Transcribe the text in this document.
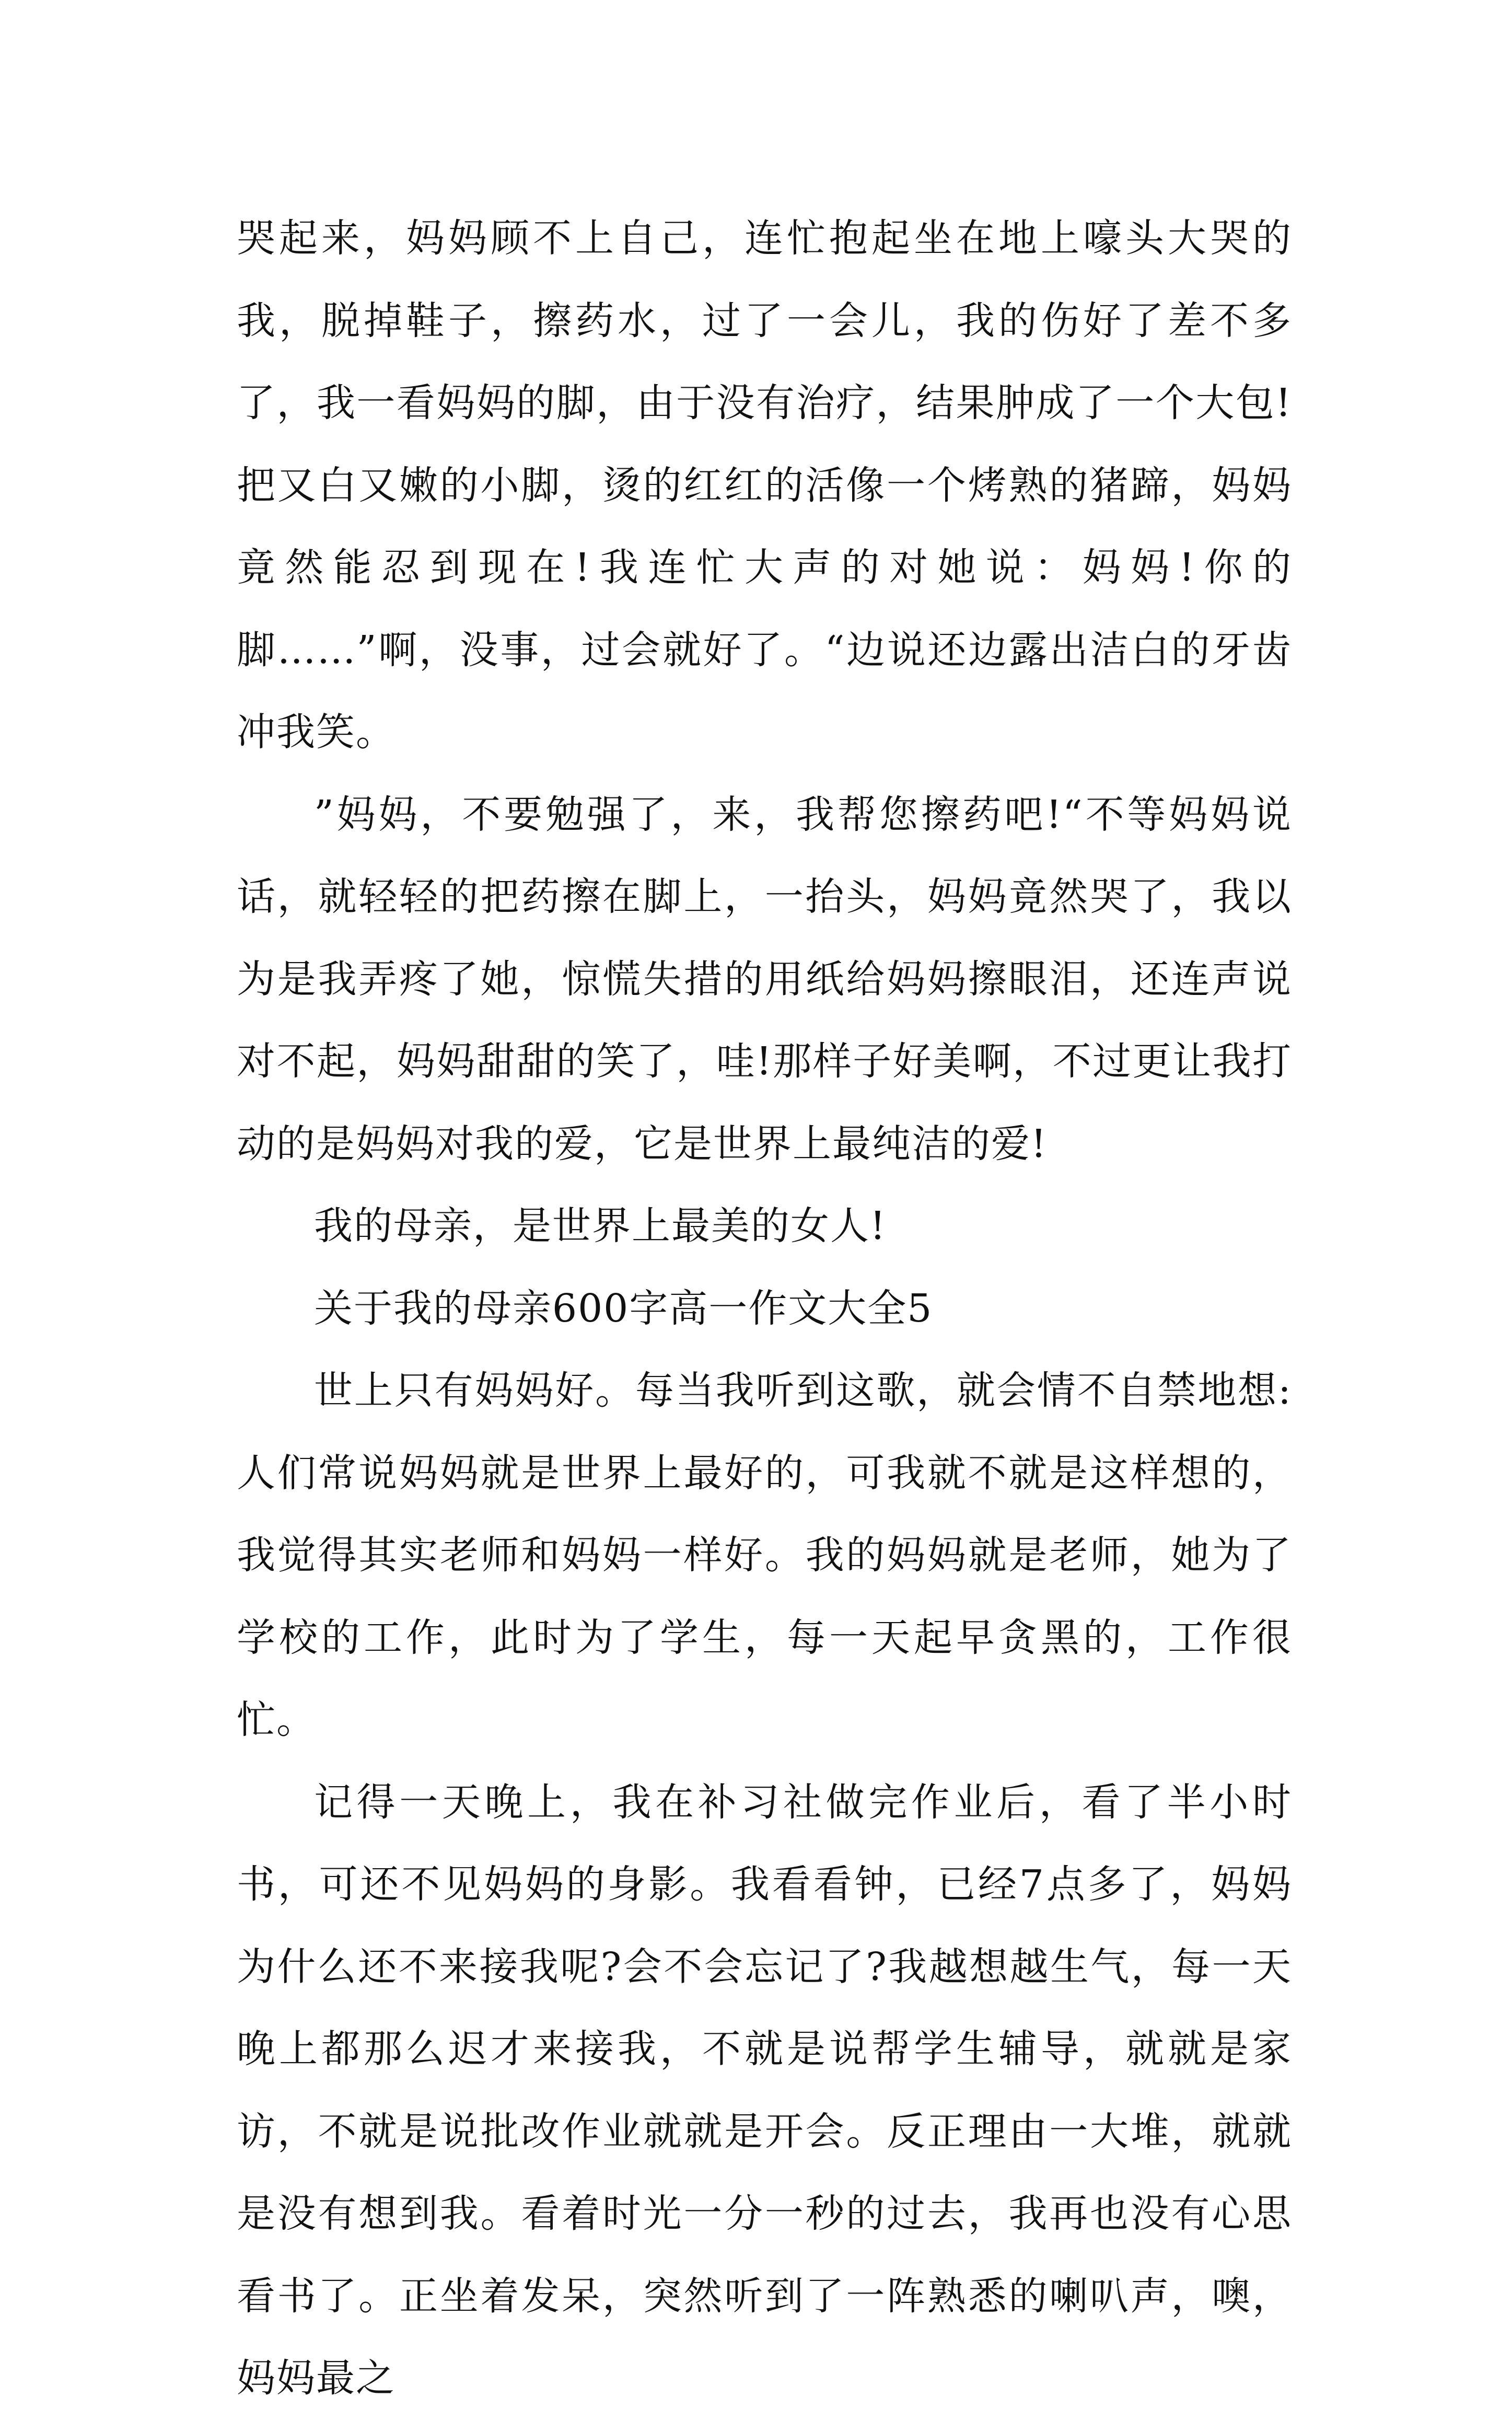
哭起来，妈妈顾不上自己，连忙抱起坐在地上嚎头大哭的我，脱掉鞋子，擦药水，过了一会儿，我的伤好了差不多了，我一看妈妈的脚，由于没有治疗，结果肿成了一个大包!把又白又嫩的小脚，烫的红红的活像一个烤熟的猪蹄，妈妈竟然能忍到现在!我连忙大声的对她说：妈妈!你的脚……”啊，没事，过会就好了。“边说还边露出洁白的牙齿冲我笑。

”妈妈，不要勉强了，来，我帮您擦药吧!“不等妈妈说话，就轻轻的把药擦在脚上，一抬头，妈妈竟然哭了，我以为是我弄疼了她，惊慌失措的用纸给妈妈擦眼泪，还连声说对不起，妈妈甜甜的笑了，哇!那样子好美啊，不过更让我打动的是妈妈对我的爱，它是世界上最纯洁的爱!

我的母亲，是世界上最美的女人!

关于我的母亲600字高一作文大全5

世上只有妈妈好。每当我听到这歌，就会情不自禁地想:人们常说妈妈就是世界上最好的，可我就不就是这样想的，我觉得其实老师和妈妈一样好。我的妈妈就是老师，她为了学校的工作，此时为了学生，每一天起早贪黑的，工作很忙。

记得一天晚上，我在补习社做完作业后，看了半小时书，可还不见妈妈的身影。我看看钟，已经7点多了，妈妈为什么还不来接我呢?会不会忘记了?我越想越生气，每一天晚上都那么迟才来接我，不就是说帮学生辅导，就就是家访，不就是说批改作业就就是开会。反正理由一大堆，就就是没有想到我。看着时光一分一秒的过去，我再也没有心思看书了。正坐着发呆，突然听到了一阵熟悉的喇叭声，噢，妈妈最之
